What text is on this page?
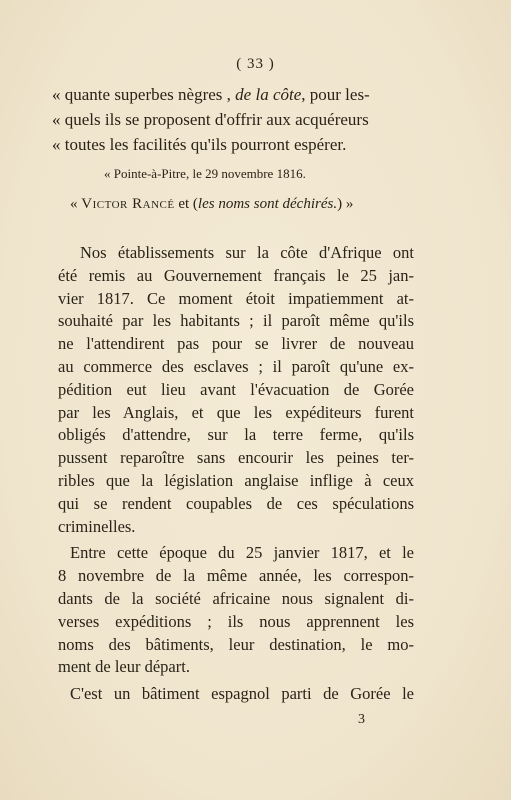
( 33 )
« quante superbes nègres , de la côte, pour les-
« quels ils se proposent d'offrir aux acquéreurs
« toutes les facilités qu'ils pourront espérer.
« Pointe-à-Pitre, le 29 novembre 1816.
« Victor Rancé et (les noms sont déchirés.) »
Nos établissements sur la côte d'Afrique ont
été remis au Gouvernement français le 25 jan-
vier 1817. Ce moment étoit impatiemment at-
souhaité par les habitants ; il paroît même qu'ils
ne l'attendirent pas pour se livrer de nouveau
au commerce des esclaves ; il paroît qu'une ex-
pédition eut lieu avant l'évacuation de Gorée
par les Anglais, et que les expéditeurs furent
obligés d'attendre, sur la terre ferme, qu'ils
pussent reparoître sans encourir les peines ter-
ribles que la législation anglaise inflige à ceux
qui se rendent coupables de ces spéculations
criminelles.
Entre cette époque du 25 janvier 1817, et le
8 novembre de la même année, les correspon-
dants de la société africaine nous signalent di-
verses expéditions ; ils nous apprennent les
noms des bâtiments, leur destination, le mo-
ment de leur départ.
C'est un bâtiment espagnol parti de Gorée le
3
